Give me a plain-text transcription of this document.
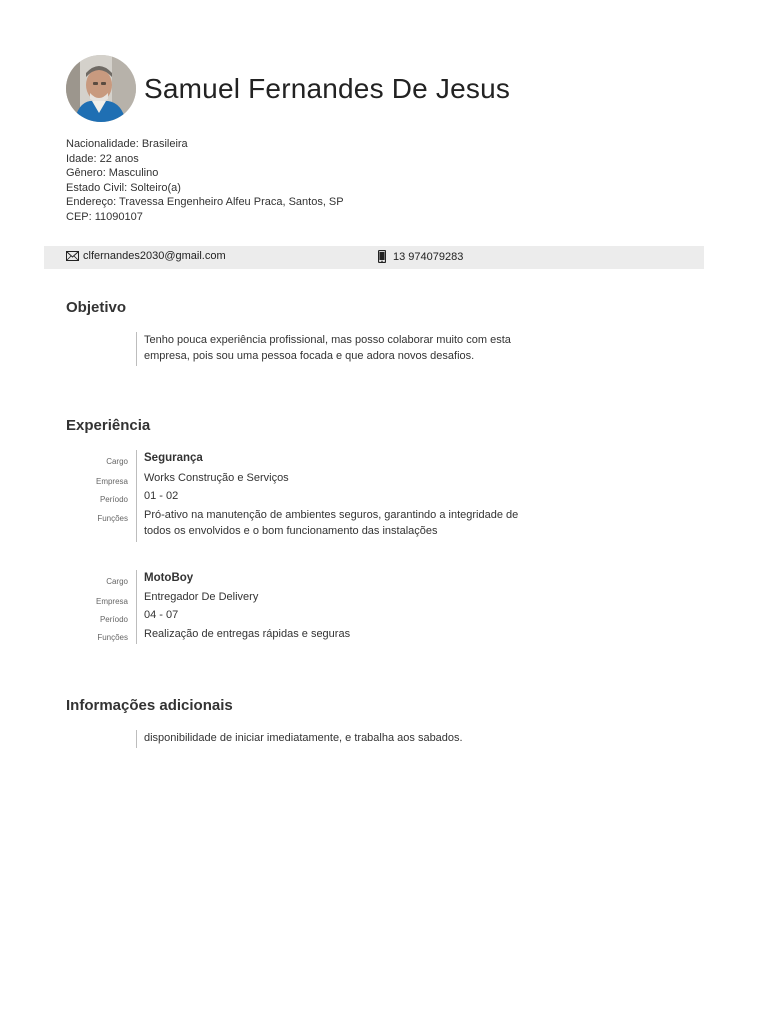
Samuel Fernandes De Jesus
Nacionalidade: Brasileira
Idade: 22 anos
Gênero: Masculino
Estado Civil: Solteiro(a)
Endereço: Travessa Engenheiro Alfeu Praca, Santos, SP
CEP: 11090107
clfernandes2030@gmail.com	13 974079283
Objetivo
Tenho pouca experiência profissional, mas posso colaborar muito com esta
empresa, pois sou uma pessoa focada e que adora novos desafios.
Experiência
Cargo	Segurança
Empresa	Works Construção e Serviços
Período	01 - 02
Funções Pró-ativo na manutenção de ambientes seguros, garantindo a integridade de
todos os envolvidos e o bom funcionamento das instalações
Cargo	MotoBoy
Empresa	Entregador De Delivery
Período	04 - 07
Funções	Realização de entregas rápidas e seguras
Informações adicionais
disponibilidade de iniciar imediatamente, e trabalha aos sabados.
